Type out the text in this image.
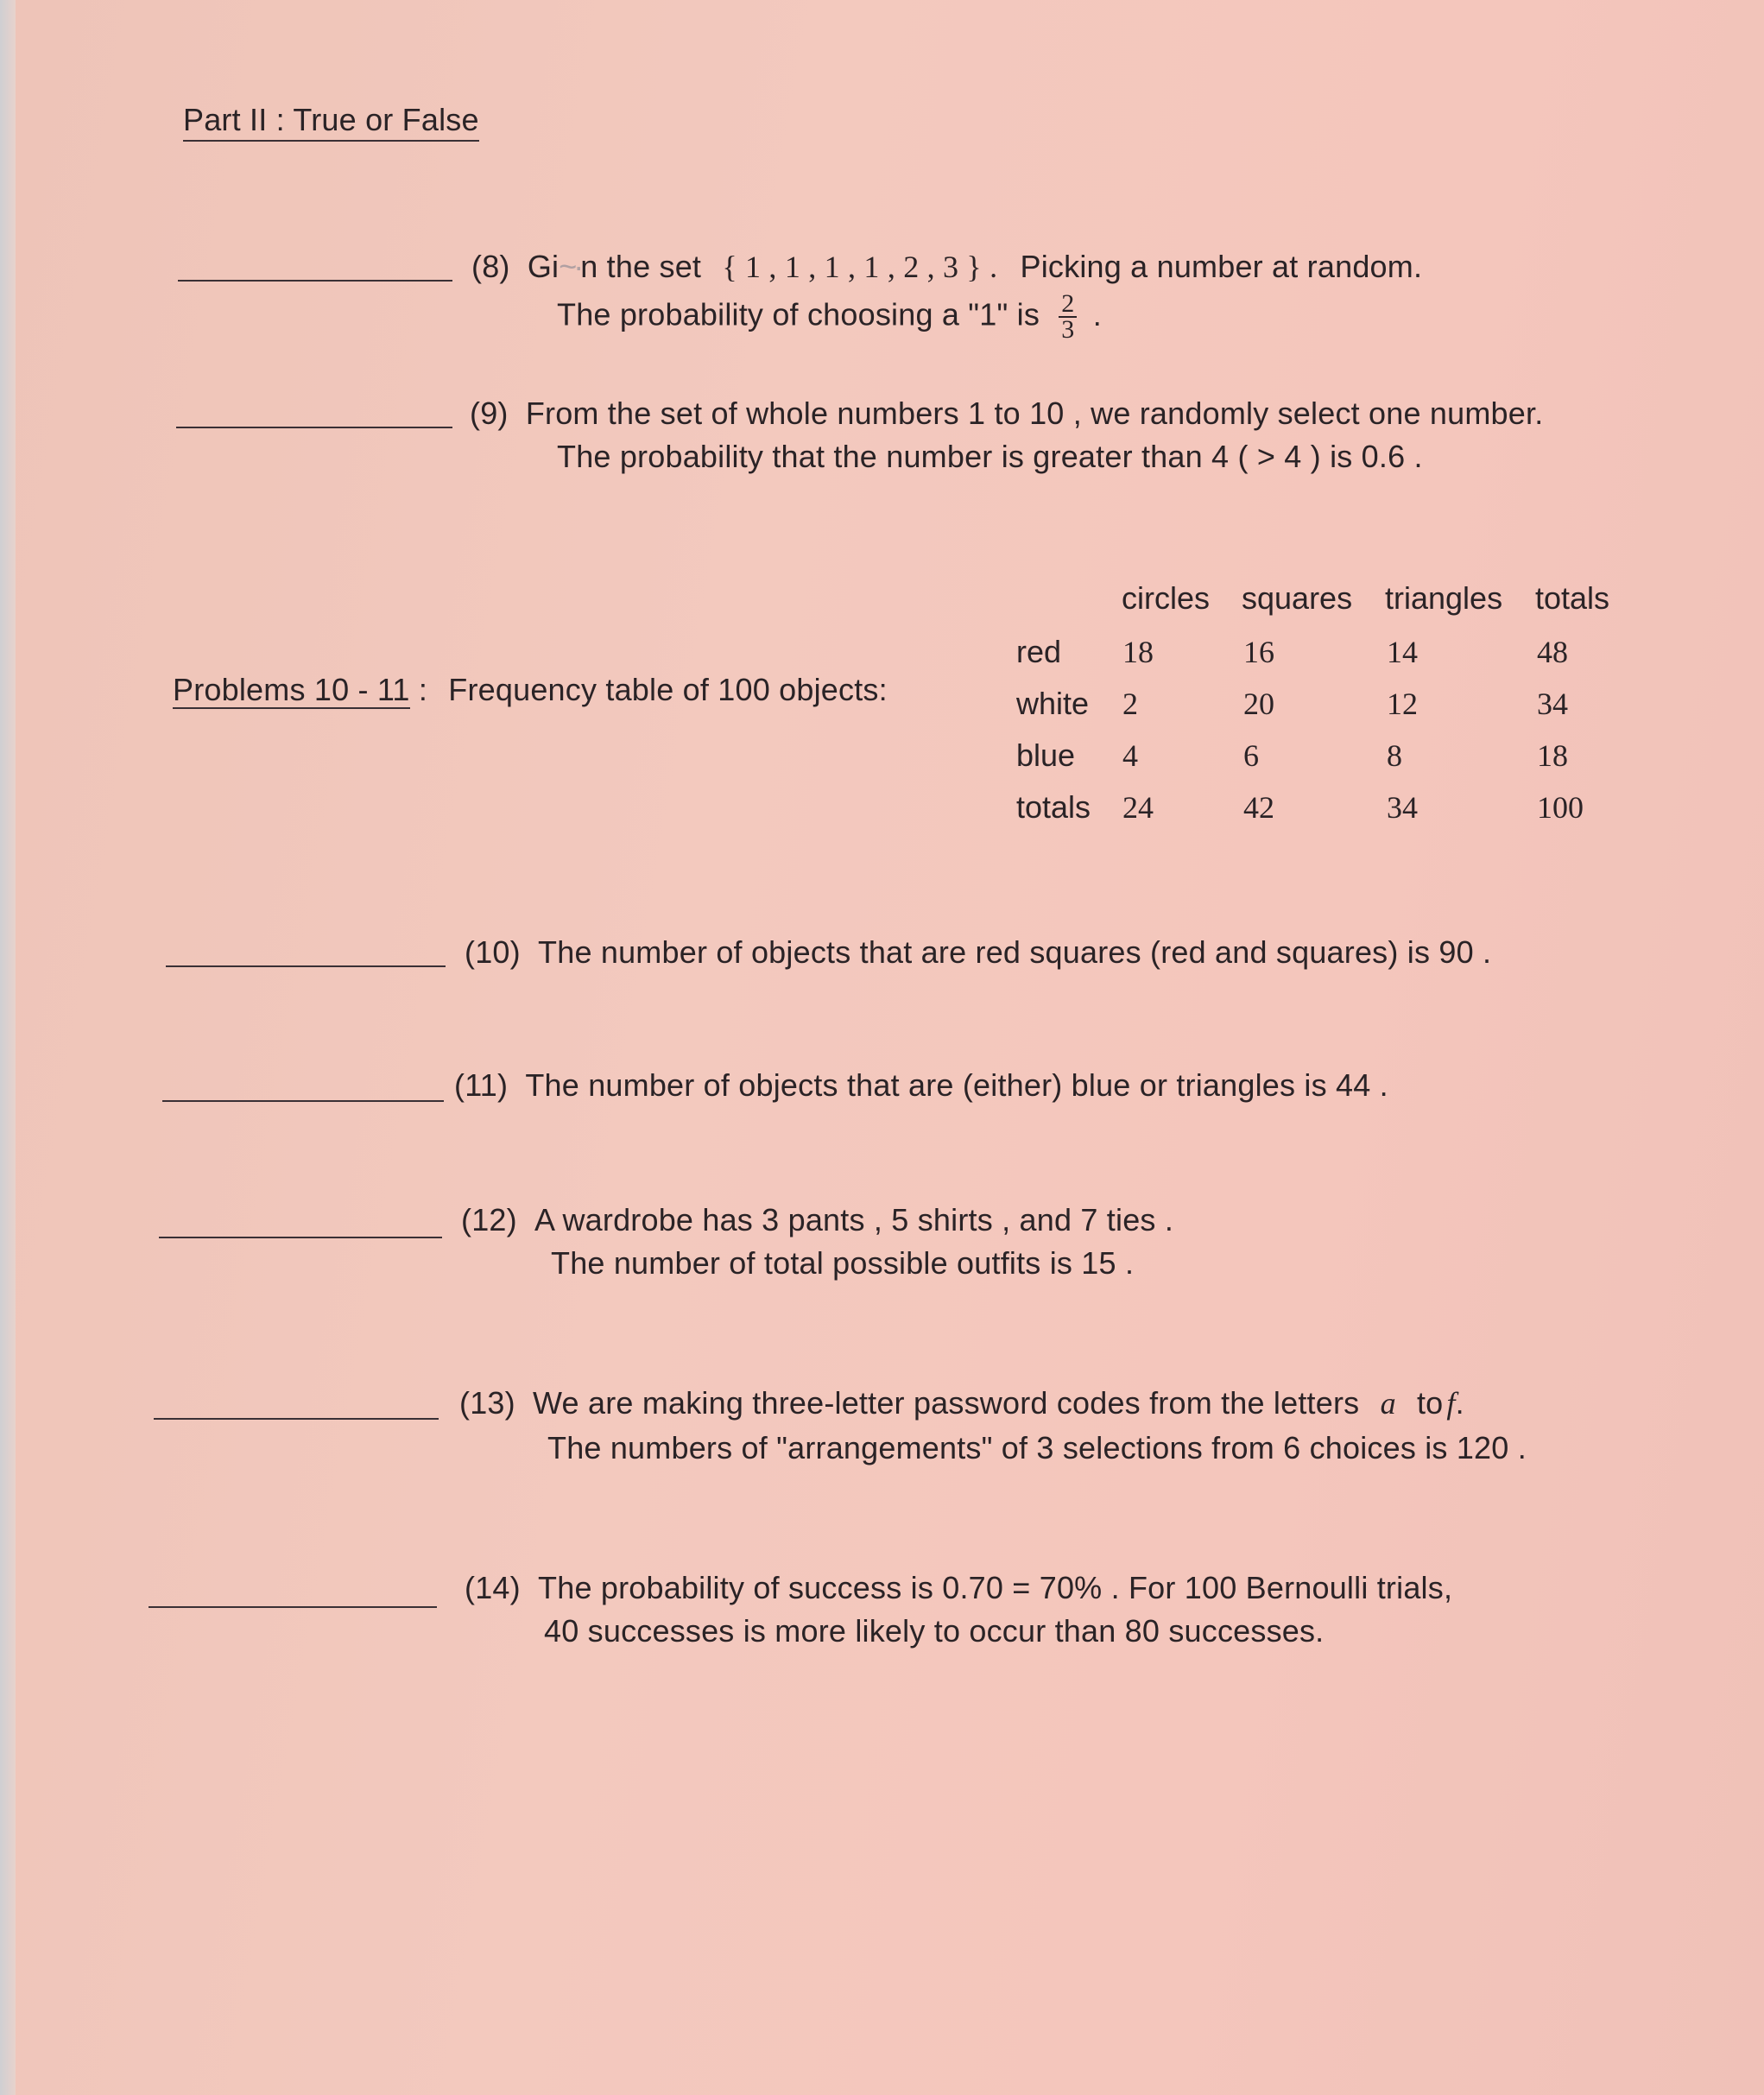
Part II : True or False
(8) Gi~·n the set { 1 , 1 , 1 , 1 , 2 , 3 } . Picking a number at random.
The probability of choosing a "1" is $\frac{2}{3}$ .
(9) From the set of whole numbers 1 to 10 , we randomly select one number.
The probability that the number is greater than 4 ( > 4 ) is 0.6 .
Problems 10 - 11 : Frequency table of 100 objects:
circles squares triangles totals
red 18	16	14	48
white 2	20	12	34
blue 4	6	8	18
totals 24	42	34	100
(10) The number of objects that are red squares (red and squares) is 90 .
(11) The number of objects that are (either) blue or triangles is 44 .
(12) A wardrobe has 3 pants , 5 shirts , and 7 ties .
The number of total possible outfits is 15 .
(13) We are making three-letter password codes from the letters a to f.
The numbers of "arrangements" of 3 selections from 6 choices is 120 .
(14) The probability of success is 0.70 = 70% . For 100 Bernoulli trials,
40 successes is more likely to occur than 80 successes.
